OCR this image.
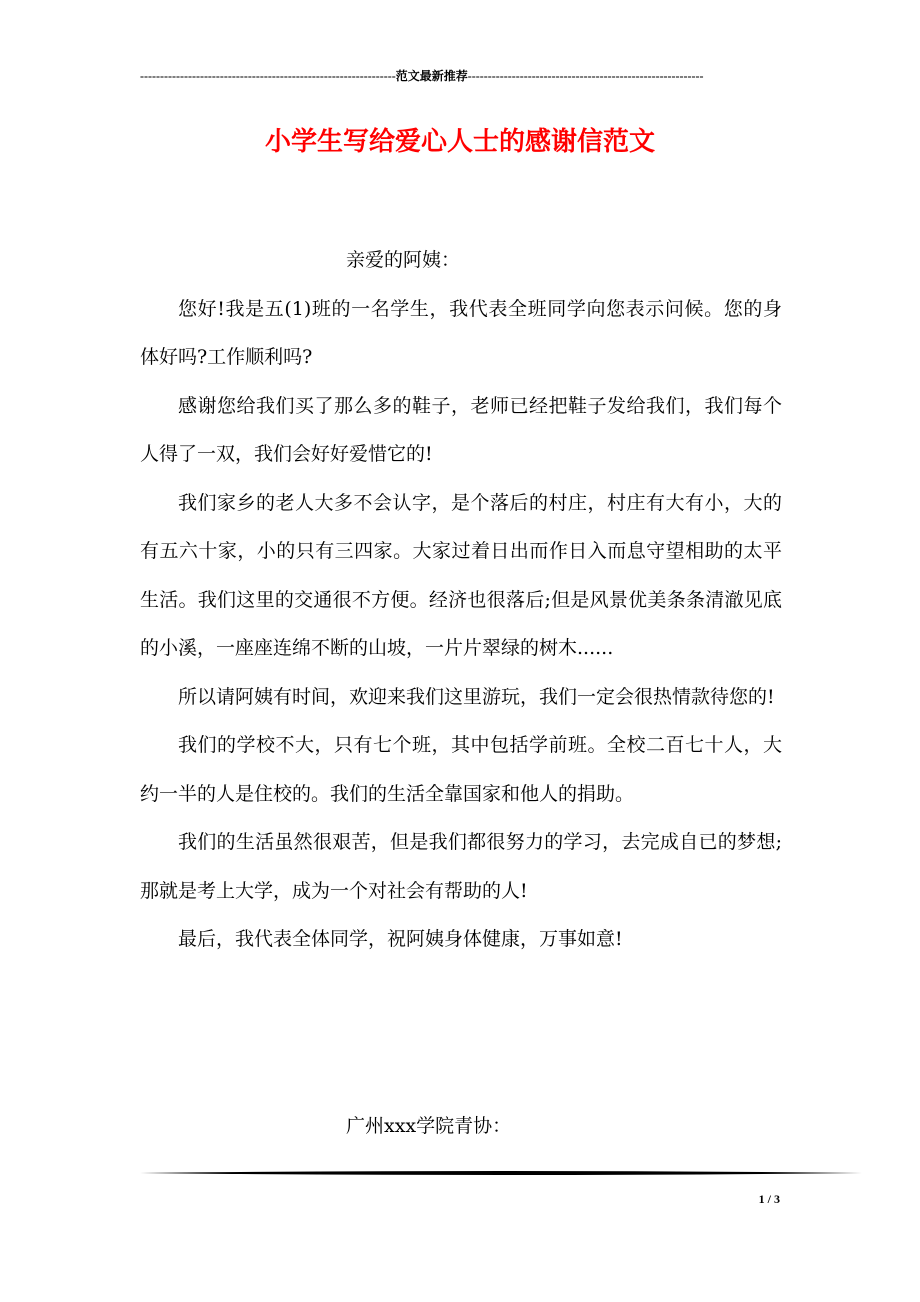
----------------------------------------------------------------范文最新推荐-----------------------------------------------------------
小学生写给爱心人士的感谢信范文

亲爱的阿姨：

您好!我是五(1)班的一名学生，我代表全班同学向您表示问候。您的身体好吗?工作顺利吗?

感谢您给我们买了那么多的鞋子，老师已经把鞋子发给我们，我们每个人得了一双，我们会好好爱惜它的!

我们家乡的老人大多不会认字，是个落后的村庄，村庄有大有小，大的有五六十家，小的只有三四家。大家过着日出而作日入而息守望相助的太平生活。我们这里的交通很不方便。经济也很落后;但是风景优美条条清澈见底的小溪，一座座连绵不断的山坡，一片片翠绿的树木......

所以请阿姨有时间，欢迎来我们这里游玩，我们一定会很热情款待您的!

我们的学校不大，只有七个班，其中包括学前班。全校二百七十人，大约一半的人是住校的。我们的生活全靠国家和他人的捐助。

我们的生活虽然很艰苦，但是我们都很努力的学习，去完成自已的梦想;那就是考上大学，成为一个对社会有帮助的人!

最后，我代表全体同学，祝阿姨身体健康，万事如意!

广州xxx学院青协：
1 / 3
